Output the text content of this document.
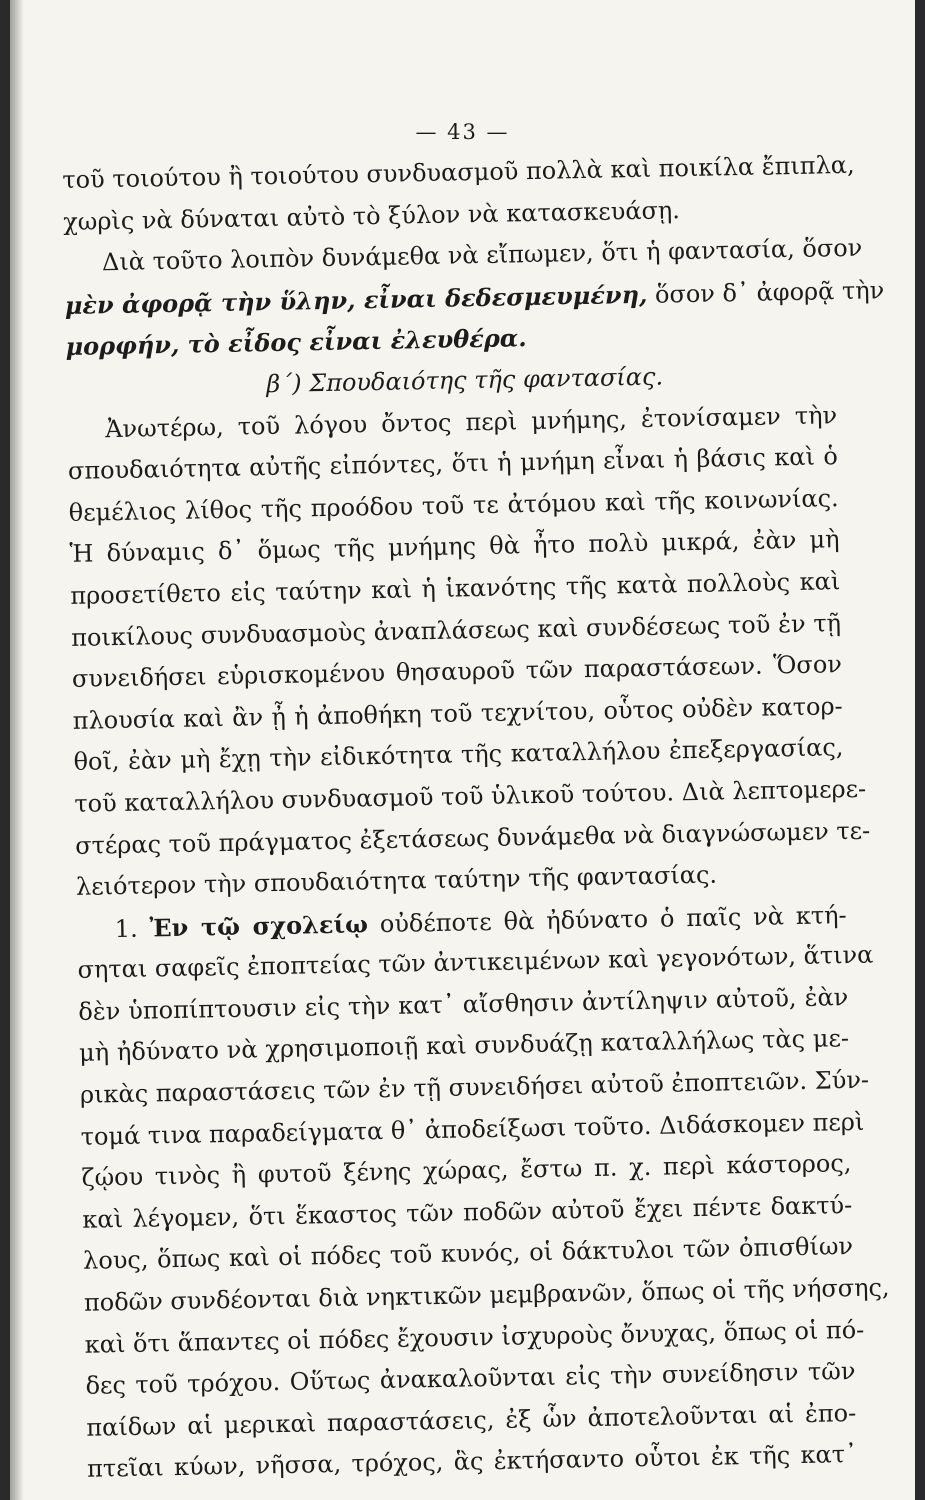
— 43 —
τοῦ τοιούτου ἢ τοιούτου συνδυασμοῦ πολλὰ καὶ ποικίλα ἔπιπλα,
χωρὶς νὰ δύναται αὐτὸ τὸ ξύλον νὰ κατασκευάσῃ.
Διὰ τοῦτο λοιπὸν δυνάμεθα νὰ εἴπωμεν, ὅτι ἡ φαντασία, ὅσον
μὲν ἀφορᾷ τὴν ὕλην, εἶναι δεδεσμευμένη, ὅσον δ᾽ ἀφορᾷ τὴν
μορφήν, τὸ εἶδος εἶναι ἐλευθέρα.
β΄) Σπουδαιότης τῆς φαντασίας.
Ἀνωτέρω, τοῦ λόγου ὄντος περὶ μνήμης, ἐτονίσαμεν τὴν
σπουδαιότητα αὐτῆς εἰπόντες, ὅτι ἡ μνήμη εἶναι ἡ βάσις καὶ ὁ
θεμέλιος λίθος τῆς προόδου τοῦ τε ἀτόμου καὶ τῆς κοινωνίας.
Ἡ δύναμις δ᾽ ὅμως τῆς μνήμης θὰ ἦτο πολὺ μικρά, ἐὰν μὴ
προσετίθετο εἰς ταύτην καὶ ἡ ἱκανότης τῆς κατὰ πολλοὺς καὶ
ποικίλους συνδυασμοὺς ἀναπλάσεως καὶ συνδέσεως τοῦ ἐν τῇ
συνειδήσει εὑρισκομένου θησαυροῦ τῶν παραστάσεων. Ὅσον
πλουσία καὶ ἂν ᾖ ἡ ἀποθήκη τοῦ τεχνίτου, οὗτος οὐδὲν κατορ-
θοῖ, ἐὰν μὴ ἔχῃ τὴν εἰδικότητα τῆς καταλλήλου ἐπεξεργασίας,
τοῦ καταλλήλου συνδυασμοῦ τοῦ ὑλικοῦ τούτου. Διὰ λεπτομερε-
στέρας τοῦ πράγματος ἐξετάσεως δυνάμεθα νὰ διαγνώσωμεν τε-
λειότερον τὴν σπουδαιότητα ταύτην τῆς φαντασίας.
1. Ἐν τῷ σχολείῳ οὐδέποτε θὰ ἠδύνατο ὁ παῖς νὰ κτή-
σηται σαφεῖς ἐποπτείας τῶν ἀντικειμένων καὶ γεγονότων, ἅτινα
δὲν ὑποπίπτουσιν εἰς τὴν κατ᾽ αἴσθησιν ἀντίληψιν αὐτοῦ, ἐὰν
μὴ ἠδύνατο νὰ χρησιμοποιῇ καὶ συνδυάζῃ καταλλήλως τὰς με-
ρικὰς παραστάσεις τῶν ἐν τῇ συνειδήσει αὐτοῦ ἐποπτειῶν. Σύν-
τομά τινα παραδείγματα θ᾽ ἀποδείξωσι τοῦτο. Διδάσκομεν περὶ
ζῴου τινὸς ἢ φυτοῦ ξένης χώρας, ἔστω π. χ. περὶ κάστορος,
καὶ λέγομεν, ὅτι ἕκαστος τῶν ποδῶν αὐτοῦ ἔχει πέντε δακτύ-
λους, ὅπως καὶ οἱ πόδες τοῦ κυνός, οἱ δάκτυλοι τῶν ὀπισθίων
ποδῶν συνδέονται διὰ νηκτικῶν μεμβρανῶν, ὅπως οἱ τῆς νήσσης,
καὶ ὅτι ἅπαντες οἱ πόδες ἔχουσιν ἰσχυροὺς ὄνυχας, ὅπως οἱ πό-
δες τοῦ τρόχου. Οὕτως ἀνακαλοῦνται εἰς τὴν συνείδησιν τῶν
παίδων αἱ μερικαὶ παραστάσεις, ἐξ ὧν ἀποτελοῦνται αἱ ἐπο-
πτεῖαι κύων, νῆσσα, τρόχος, ἃς ἐκτήσαντο οὗτοι ἐκ τῆς κατ᾽
